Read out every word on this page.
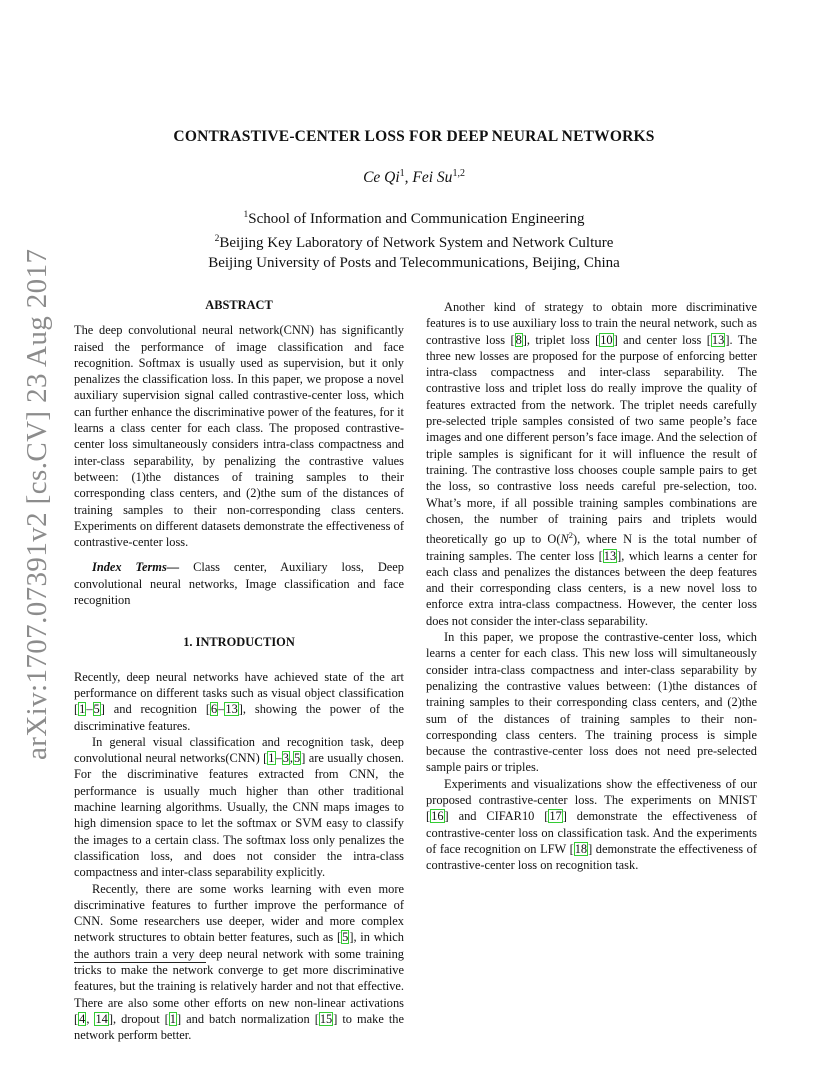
arXiv:1707.07391v2 [cs.CV] 23 Aug 2017
CONTRASTIVE-CENTER LOSS FOR DEEP NEURAL NETWORKS
Ce Qi$^1$, Fei Su$^{1,2}$
$^1$School of Information and Communication Engineering
$^2$Beijing Key Laboratory of Network System and Network Culture
Beijing University of Posts and Telecommunications, Beijing, China
ABSTRACT

The deep convolutional neural network(CNN) has significantly raised the performance of image classification and face recognition. Softmax is usually used as supervision, but it only penalizes the classification loss. In this paper, we propose a novel auxiliary supervision signal called contrastive-center loss, which can further enhance the discriminative power of the features, for it learns a class center for each class. The proposed contrastive-center loss simultaneously considers intra-class compactness and inter-class separability, by penalizing the contrastive values between: (1)the distances of training samples to their corresponding class centers, and (2)the sum of the distances of training samples to their non-corresponding class centers. Experiments on different datasets demonstrate the effectiveness of contrastive-center loss.

Index Terms— Class center, Auxiliary loss, Deep convolutional neural networks, Image classification and face recognition

1. INTRODUCTION

Recently, deep neural networks have achieved state of the art performance on different tasks such as visual object classification [1–5] and recognition [6–13], showing the power of the discriminative features.

In general visual classification and recognition task, deep convolutional neural networks(CNN) [1–3,5] are usually chosen. For the discriminative features extracted from CNN, the performance is usually much higher than other traditional machine learning algorithms. Usually, the CNN maps images to high dimension space to let the softmax or SVM easy to classify the images to a certain class. The softmax loss only penalizes the classification loss, and does not consider the intra-class compactness and inter-class separability explicitly.

Recently, there are some works learning with even more discriminative features to further improve the performance of CNN. Some researchers use deeper, wider and more complex network structures to obtain better features, such as [5], in which the authors train a very deep neural network with some training tricks to make the network converge to get more discriminative features, but the training is relatively harder and not that effective. There are also some other efforts on new non-linear activations [4, 14], dropout [1] and batch normalization [15] to make the network perform better.

Another kind of strategy to obtain more discriminative features is to use auxiliary loss to train the neural network, such as contrastive loss [8], triplet loss [10] and center loss [13]. The three new losses are proposed for the purpose of enforcing better intra-class compactness and inter-class separability. The contrastive loss and triplet loss do really improve the quality of features extracted from the network. The triplet needs carefully pre-selected triple samples consisted of two same people’s face images and one different person’s face image. And the selection of triple samples is significant for it will influence the result of training. The contrastive loss chooses couple sample pairs to get the loss, so contrastive loss needs careful pre-selection, too. What’s more, if all possible training samples combinations are chosen, the number of training pairs and triplets would theoretically go up to $O(N^2)$, where N is the total number of training samples. The center loss [13], which learns a center for each class and penalizes the distances between the deep features and their corresponding class centers, is a new novel loss to enforce extra intra-class compactness. However, the center loss does not consider the inter-class separability.

In this paper, we propose the contrastive-center loss, which learns a center for each class. This new loss will simultaneously consider intra-class compactness and inter-class separability by penalizing the contrastive values between: (1)the distances of training samples to their corresponding class centers, and (2)the sum of the distances of training samples to their non-corresponding class centers. The training process is simple because the contrastive-center loss does not need pre-selected sample pairs or triples.

Experiments and visualizations show the effectiveness of our proposed contrastive-center loss. The experiments on MNIST [16] and CIFAR10 [17] demonstrate the effectiveness of contrastive-center loss on classification task. And the experiments of face recognition on LFW [18] demonstrate the effectiveness of contrastive-center loss on recognition task.
